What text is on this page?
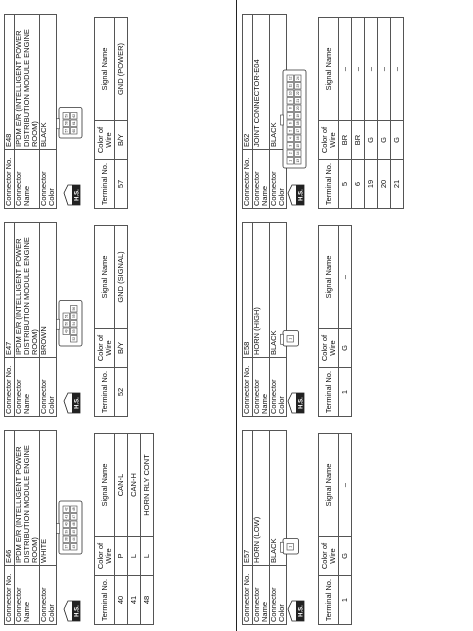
Connector No.	E46
Connector Name	IPDM E/R (INTELLIGENT POWER DISTRIBUTION MODULE ENGINE ROOM)
Connector Color	WHITE
H.S.
37
38
39
40
41
42
43
44
45
46
47
48
Terminal No.	Color of Wire	Signal Name
40	P	CAN-L
41	L	CAN-H
48	L	HORN RLY CONT
Connector No.	E47
Connector Name	IPDM E/R (INTELLIGENT POWER DISTRIBUTION MODULE ENGINE ROOM)
Connector Color	BROWN
H.S.
49
50
51
52
53
54
55
56
Terminal No.	Color of Wire	Signal Name
52	B/Y	GND (SIGNAL)
Connector No.	E48
Connector Name	IPDM E/R (INTELLIGENT POWER DISTRIBUTION MODULE ENGINE ROOM)
Connector Color	BLACK
H.S.
57
58
59
60
61
62
Terminal No.	Color of Wire	Signal Name
57	B/Y	GND (POWER)
Connector No.	E57
Connector Name	HORN (LOW)
Connector Color	BLACK
H.S.
1
Terminal No.	Color of Wire	Signal Name
1	G	–
Connector No.	E58
Connector Name	HORN (HIGH)
Connector Color	BLACK
H.S.
1
Terminal No.	Color of Wire	Signal Name
1	G	–
Connector No.	E62
Connector Name	JOINT CONNECTOR-E04
Connector Color	BLACK
H.S.
1
2
3
4
5
6
7
8
9
10
11
12
13
14
15
16
17
18
19
20
21
22
23
24
Terminal No.	Color of Wire	Signal Name
5	BR	–
6	BR	–
19	G	–
20	G	–
21	G	–
